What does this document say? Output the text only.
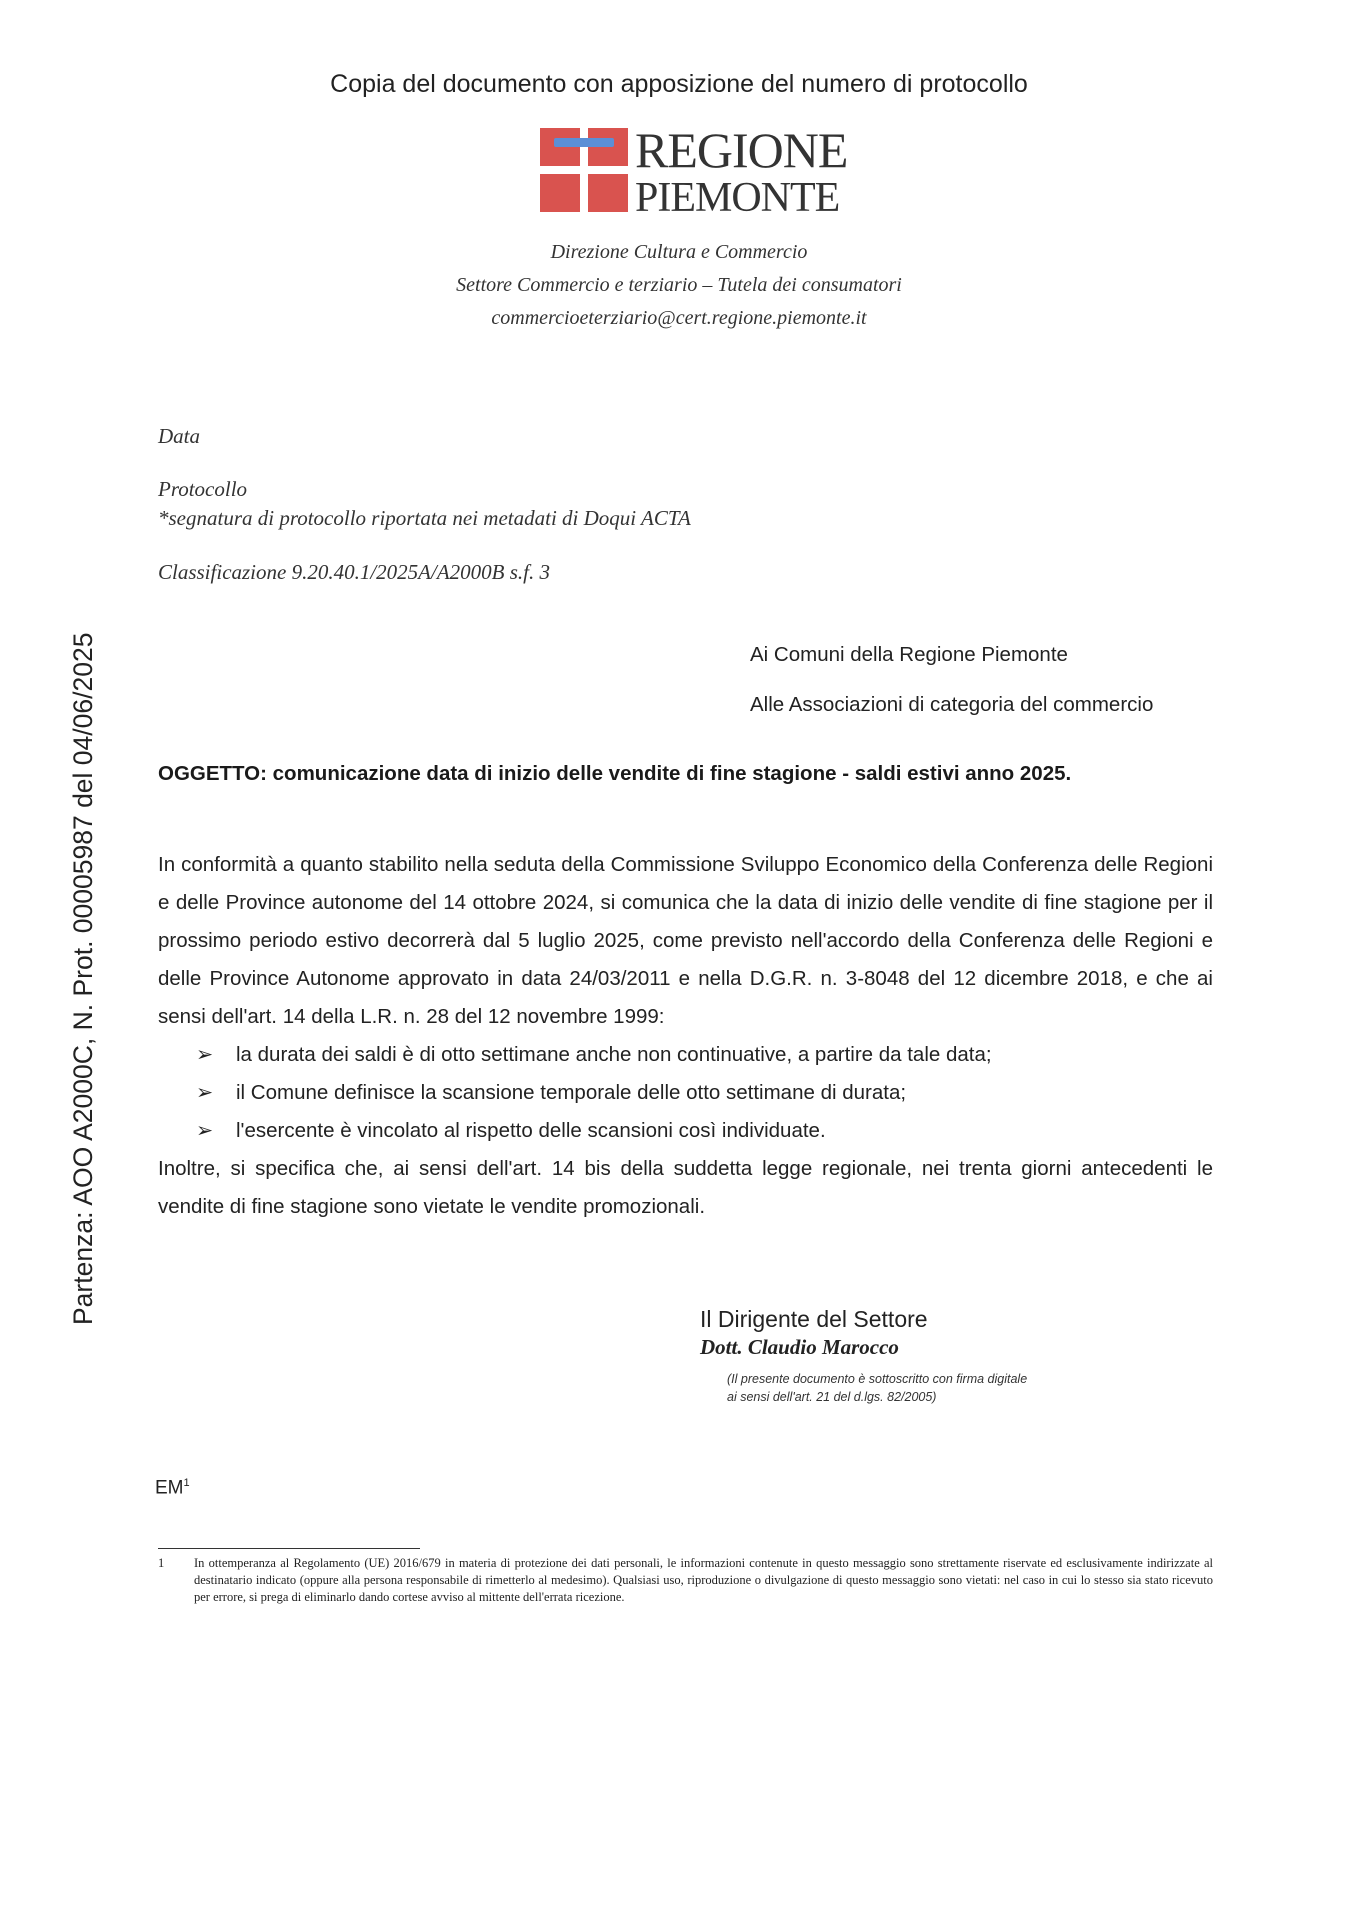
Copia del documento con apposizione del numero di protocollo
REGIONE
PIEMONTE
Direzione Cultura e Commercio
Settore Commercio e terziario – Tutela dei consumatori
commercioeterziario@cert.regione.piemonte.it
Data
Protocollo
*segnatura di protocollo riportata nei metadati di Doqui ACTA
Classificazione 9.20.40.1/2025A/A2000B s.f. 3
Ai Comuni della Regione Piemonte
Alle Associazioni di categoria del commercio
Partenza: AOO A2000C, N. Prot. 00005987 del 04/06/2025	OGGETTO: comunicazione data di inizio delle vendite di fine stagione - saldi estivi anno 2025.

In conformità a quanto stabilito nella seduta della Commissione Sviluppo Economico della Conferenza delle Regioni e delle Province autonome del 14 ottobre 2024, si comunica che la data di inizio delle vendite di fine stagione per il prossimo periodo estivo decorrerà dal 5 luglio 2025, come previsto nell'accordo della Conferenza delle Regioni e delle Province Autonome approvato in data 24/03/2011 e nella D.G.R. n. 3-8048 del 12 dicembre 2018, e che ai sensi dell'art. 14 della L.R. n. 28 del 12 novembre 1999:

➢ la durata dei saldi è di otto settimane anche non continuative, a partire da tale data;
➢ il Comune definisce la scansione temporale delle otto settimane di durata;
➢ l'esercente è vincolato al rispetto delle scansioni così individuate.

Inoltre, si specifica che, ai sensi dell'art. 14 bis della suddetta legge regionale, nei trenta giorni antecedenti le vendite di fine stagione sono vietate le vendite promozionali.

Il Dirigente del Settore
Dott. Claudio Marocco
(Il presente documento è sottoscritto con firma digitale
ai sensi dell'art. 21 del d.lgs. 82/2005)
$EM^1$
1 In ottemperanza al Regolamento (UE) 2016/679 in materia di protezione dei dati personali, le informazioni contenute in questo messaggio sono strettamente riservate ed esclusivamente indirizzate al destinatario indicato (oppure alla persona responsabile di rimetterlo al medesimo). Qualsiasi uso, riproduzione o divulgazione di questo messaggio sono vietati: nel caso in cui lo stesso sia stato ricevuto per errore, si prega di eliminarlo dando cortese avviso al mittente dell'errata ricezione.
